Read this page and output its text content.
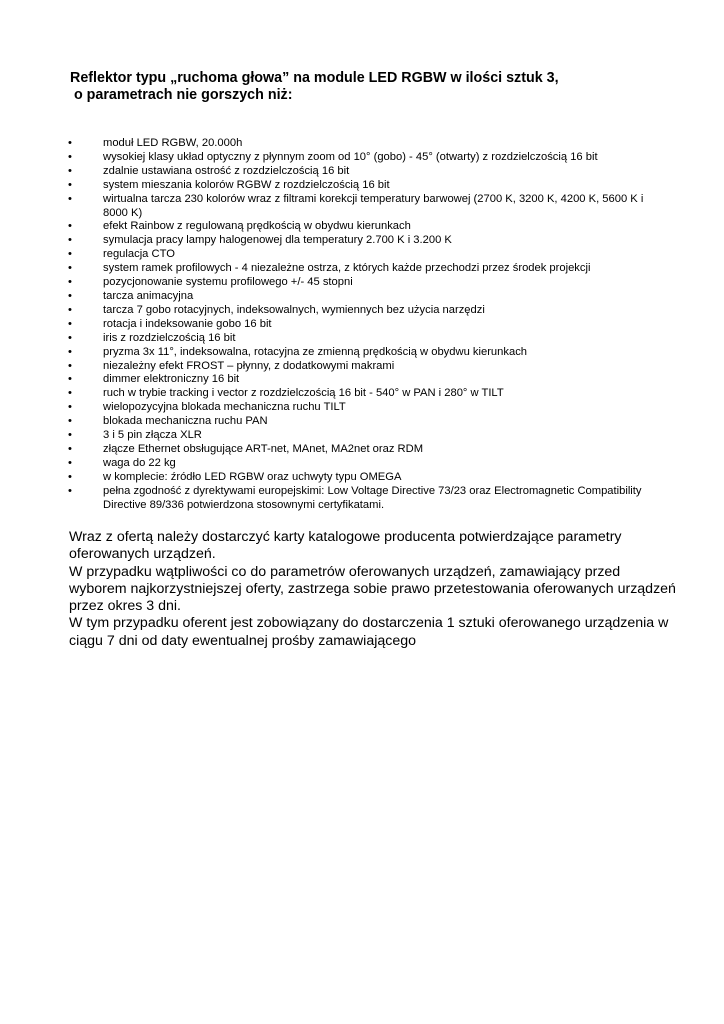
Reflektor typu „ruchoma głowa” na module LED RGBW w ilości sztuk 3,
o parametrach nie gorszych niż:
•	moduł LED RGBW, 20.000h
•	wysokiej klasy układ optyczny z płynnym zoom od 10° (gobo) - 45° (otwarty) z rozdzielczością 16 bit
•	zdalnie ustawiana ostrość z rozdzielczością 16 bit
•	system mieszania kolorów RGBW z rozdzielczością 16 bit
•	wirtualna tarcza 230 kolorów wraz z filtrami korekcji temperatury barwowej (2700 K, 3200 K, 4200 K, 5600 K i 8000 K)
•	efekt Rainbow z regulowaną prędkością w obydwu kierunkach
•	symulacja pracy lampy halogenowej dla temperatury 2.700 K i 3.200 K
•	regulacja CTO
•	system ramek profilowych - 4 niezależne ostrza, z których każde przechodzi przez środek projekcji
•	pozycjonowanie systemu profilowego +/- 45 stopni
•	tarcza animacyjna
•	tarcza 7 gobo rotacyjnych, indeksowalnych, wymiennych bez użycia narzędzi
•	rotacja i indeksowanie gobo 16 bit
•	iris z rozdzielczością 16 bit
•	pryzma 3x 11°, indeksowalna, rotacyjna ze zmienną prędkością w obydwu kierunkach
•	niezależny efekt FROST – płynny, z dodatkowymi makrami
•	dimmer elektroniczny 16 bit
•	ruch w trybie tracking i vector z rozdzielczością 16 bit - 540° w PAN i 280° w TILT
•	wielopozycyjna blokada mechaniczna ruchu TILT
•	blokada mechaniczna ruchu PAN
•	3 i 5 pin złącza XLR
•	złącze Ethernet obsługujące ART-net, MAnet, MA2net oraz RDM
•	waga do 22 kg
•	w komplecie: źródło LED RGBW oraz uchwyty typu OMEGA
•	pełna zgodność z dyrektywami europejskimi: Low Voltage Directive 73/23 oraz Electromagnetic Compatibility Directive 89/336 potwierdzona stosownymi certyfikatami.

Wraz z ofertą należy dostarczyć karty katalogowe producenta potwierdzające parametry oferowanych urządzeń.

W przypadku wątpliwości co do parametrów oferowanych urządzeń, zamawiający przed wyborem najkorzystniejszej oferty, zastrzega sobie prawo przetestowania oferowanych urządzeń przez okres 3 dni.

W tym przypadku oferent jest zobowiązany do dostarczenia 1 sztuki oferowanego urządzenia w ciągu 7 dni od daty ewentualnej prośby zamawiającego
